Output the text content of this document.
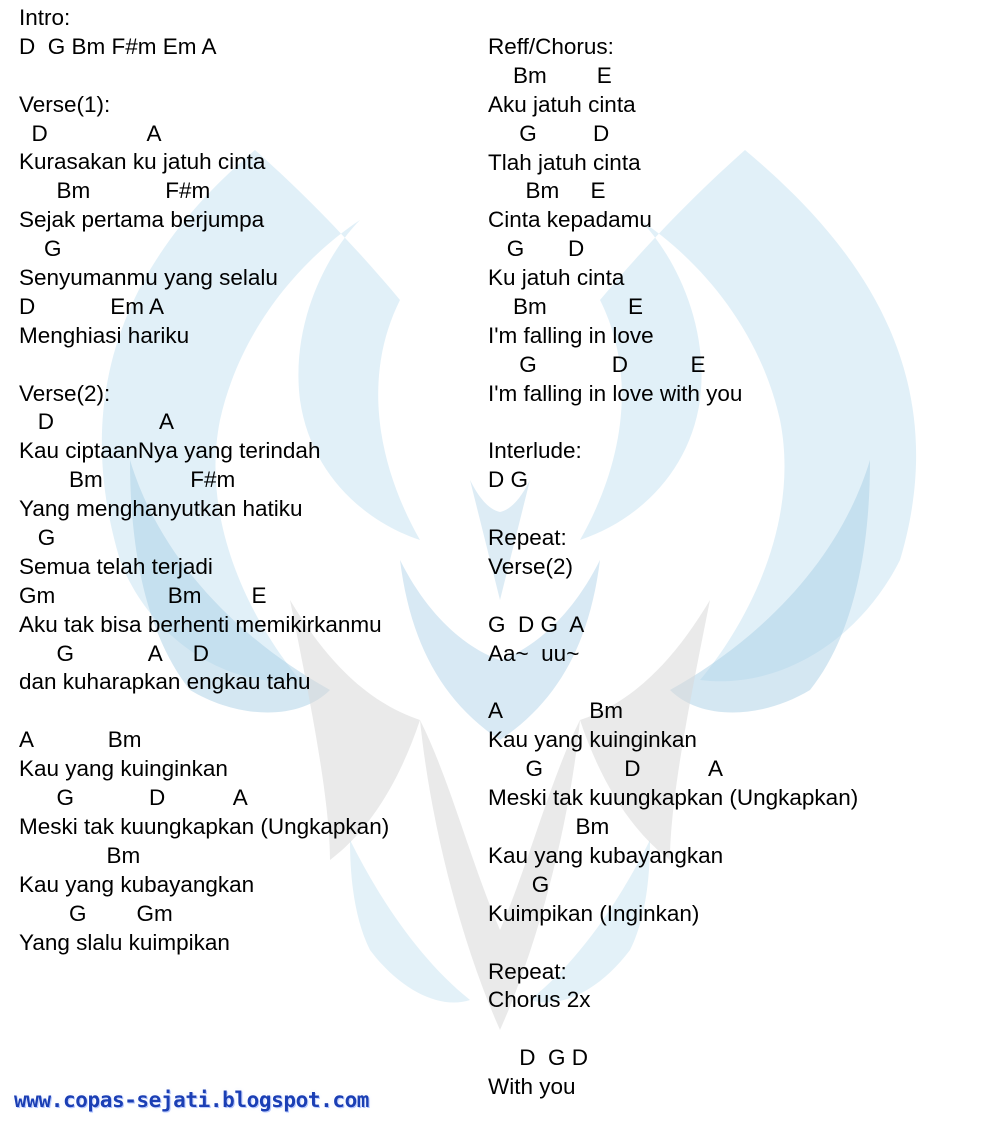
Intro:
D  G Bm F#m Em A

Verse(1):
D                A
Kurasakan ku jatuh cinta
Bm            F#m
Sejak pertama berjumpa
G
Senyumanmu yang selalu
D            Em A
Menghiasi hariku

Verse(2):
D                 A
Kau ciptaanNya yang terindah
Bm              F#m
Yang menghanyutkan hatiku
G
Semua telah terjadi
Gm                  Bm        E
Aku tak bisa berhenti memikirkanmu
G            A     D
dan kuharapkan engkau tahu

A            Bm
Kau yang kuinginkan
G            D           A
Meski tak kuungkapkan (Ungkapkan)
Bm
Kau yang kubayangkan
G        Gm
Yang slalu kuimpikan
Reff/Chorus:
Bm        E
Aku jatuh cinta
G         D
Tlah jatuh cinta
Bm     E
Cinta kepadamu
G       D
Ku jatuh cinta
Bm             E
I'm falling in love
G            D          E
I'm falling in love with you

Interlude:
D G

Repeat:
Verse(2)

G  D G  A
Aa~  uu~

A              Bm
Kau yang kuinginkan
G             D           A
Meski tak kuungkapkan (Ungkapkan)
Bm
Kau yang kubayangkan
G
Kuimpikan (Inginkan)

Repeat:
Chorus 2x

D  G D
With you
www.copas-sejati.blogspot.com
